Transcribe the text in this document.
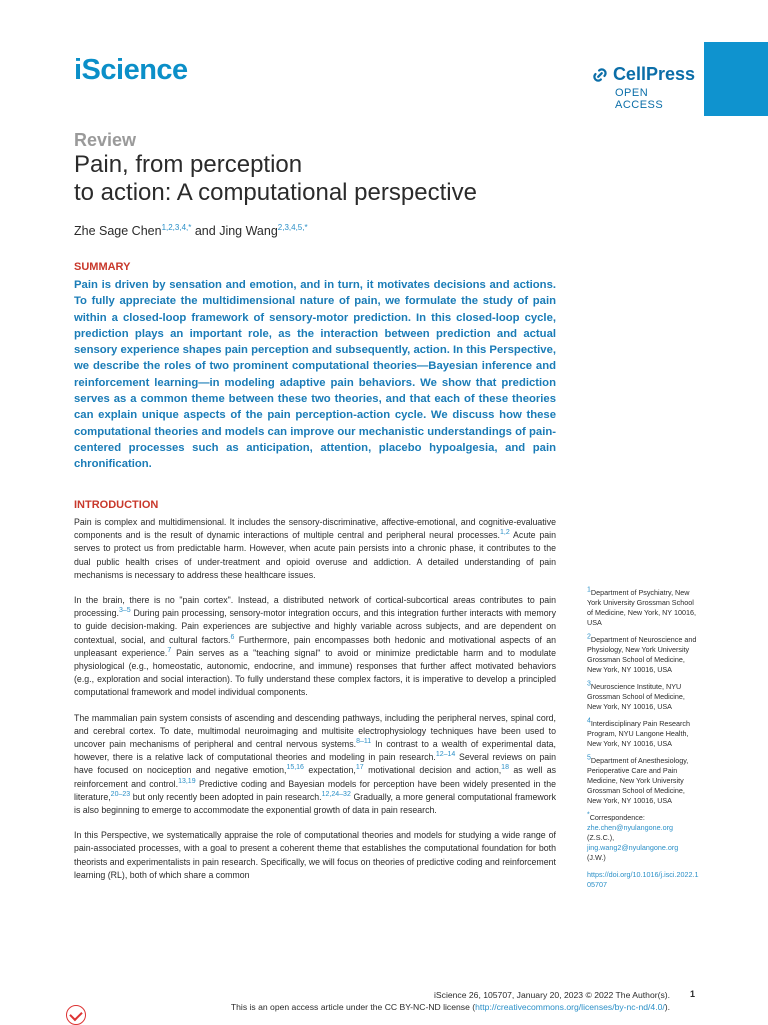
iScience	CellPress
OPEN ACCESS
Review
Pain, from perception
to action: A computational perspective
Zhe Sage Chen$^{1,2,3,4,*}$ and Jing Wang$^{2,3,4,5,*}$
SUMMARY
Pain is driven by sensation and emotion, and in turn, it motivates decisions and actions. To fully appreciate the multidimensional nature of pain, we formulate the study of pain within a closed-loop framework of sensory-motor prediction. In this closed-loop cycle, prediction plays an important role, as the interaction between prediction and actual sensory experience shapes pain perception and subsequently, action. In this Perspective, we describe the roles of two prominent computational theories—Bayesian inference and reinforcement learning—in modeling adaptive pain behaviors. We show that prediction serves as a common theme between these two theories, and that each of these theories can explain unique aspects of the pain perception-action cycle. We discuss how these computational theories and models can improve our mechanistic understandings of pain-centered processes such as anticipation, attention, placebo hypoalgesia, and pain chronification.
INTRODUCTION

Pain is complex and multidimensional. It includes the sensory-discriminative, affective-emotional, and cognitive-evaluative components and is the result of dynamic interactions of multiple central and peripheral neural processes.$^{1,2}$ Acute pain serves to protect us from predictable harm. However, when acute pain persists into a chronic phase, it contributes to the dual public health crises of under-treatment and opioid overuse and addiction. A detailed understanding of pain mechanisms is necessary to address these healthcare issues.

In the brain, there is no "pain cortex". Instead, a distributed network of cortical-subcortical areas contributes to pain processing.$^{3-5}$ During pain processing, sensory-motor integration occurs, and this integration further interacts with memory to guide decision-making. Pain experiences are subjective and highly variable across subjects, and are dependent on contextual, social, and cultural factors.$^6$ Furthermore, pain encompasses both hedonic and motivational aspects of an unpleasant experience.$^7$ Pain serves as a "teaching signal" to avoid or minimize predictable harm and to modulate physiological (e.g., homeostatic, autonomic, endocrine, and immune) responses that further affect motivated behaviors (e.g., exploration and social interaction). To fully understand these complex factors, it is imperative to develop a principled computational framework and model individual components.

The mammalian pain system consists of ascending and descending pathways, including the peripheral nerves, spinal cord, and cerebral cortex. To date, multimodal neuroimaging and multisite electrophysiology techniques have been used to uncover pain mechanisms of peripheral and central nervous systems.$^{8-11}$ In contrast to a wealth of experimental data, however, there is a relative lack of computational theories and modeling in pain research.$^{12-14}$ Several reviews on pain have focused on nociception and negative emotion,$^{15,16}$ expectation,$^{17}$ motivational decision and action,$^{18}$ as well as reinforcement and control.$^{13,19}$ Predictive coding and Bayesian models for perception have been widely presented in the literature,$^{20-23}$ but only recently been adopted in pain research.$^{12,24-32}$ Gradually, a more general computational framework is also beginning to emerge to accommodate the exponential growth of data in pain research.

In this Perspective, we systematically appraise the role of computational theories and models for studying a wide range of pain-associated processes, with a goal to present a coherent theme that establishes the computational foundation for both theorists and experimentalists in pain research. Specifically, we will focus on theories of predictive coding and reinforcement learning (RL), both of which share a common

$^1$Department of Psychiatry, New York University Grossman School of Medicine, New York, NY 10016, USA
$^2$Department of Neuroscience and Physiology, New York University Grossman School of Medicine, New York, NY 10016, USA
$^3$Neuroscience Institute, NYU Grossman School of Medicine, New York, NY 10016, USA
$^4$Interdisciplinary Pain Research Program, NYU Langone Health, New York, NY 10016, USA
$^5$Department of Anesthesiology, Perioperative Care and Pain Medicine, New York University Grossman School of Medicine, New York, NY 10016, USA
*Correspondence:
zhe.chen@nyulangone.org
(Z.S.C.),
jing.wang2@nyulangone.org
(J.W.)
https://doi.org/10.1016/j.isci.2022.105707
iScience 26, 105707, January 20, 2023 © 2022 The Author(s).
This is an open access article under the CC BY-NC-ND license (http://creativecommons.org/licenses/by-nc-nd/4.0/).
1
